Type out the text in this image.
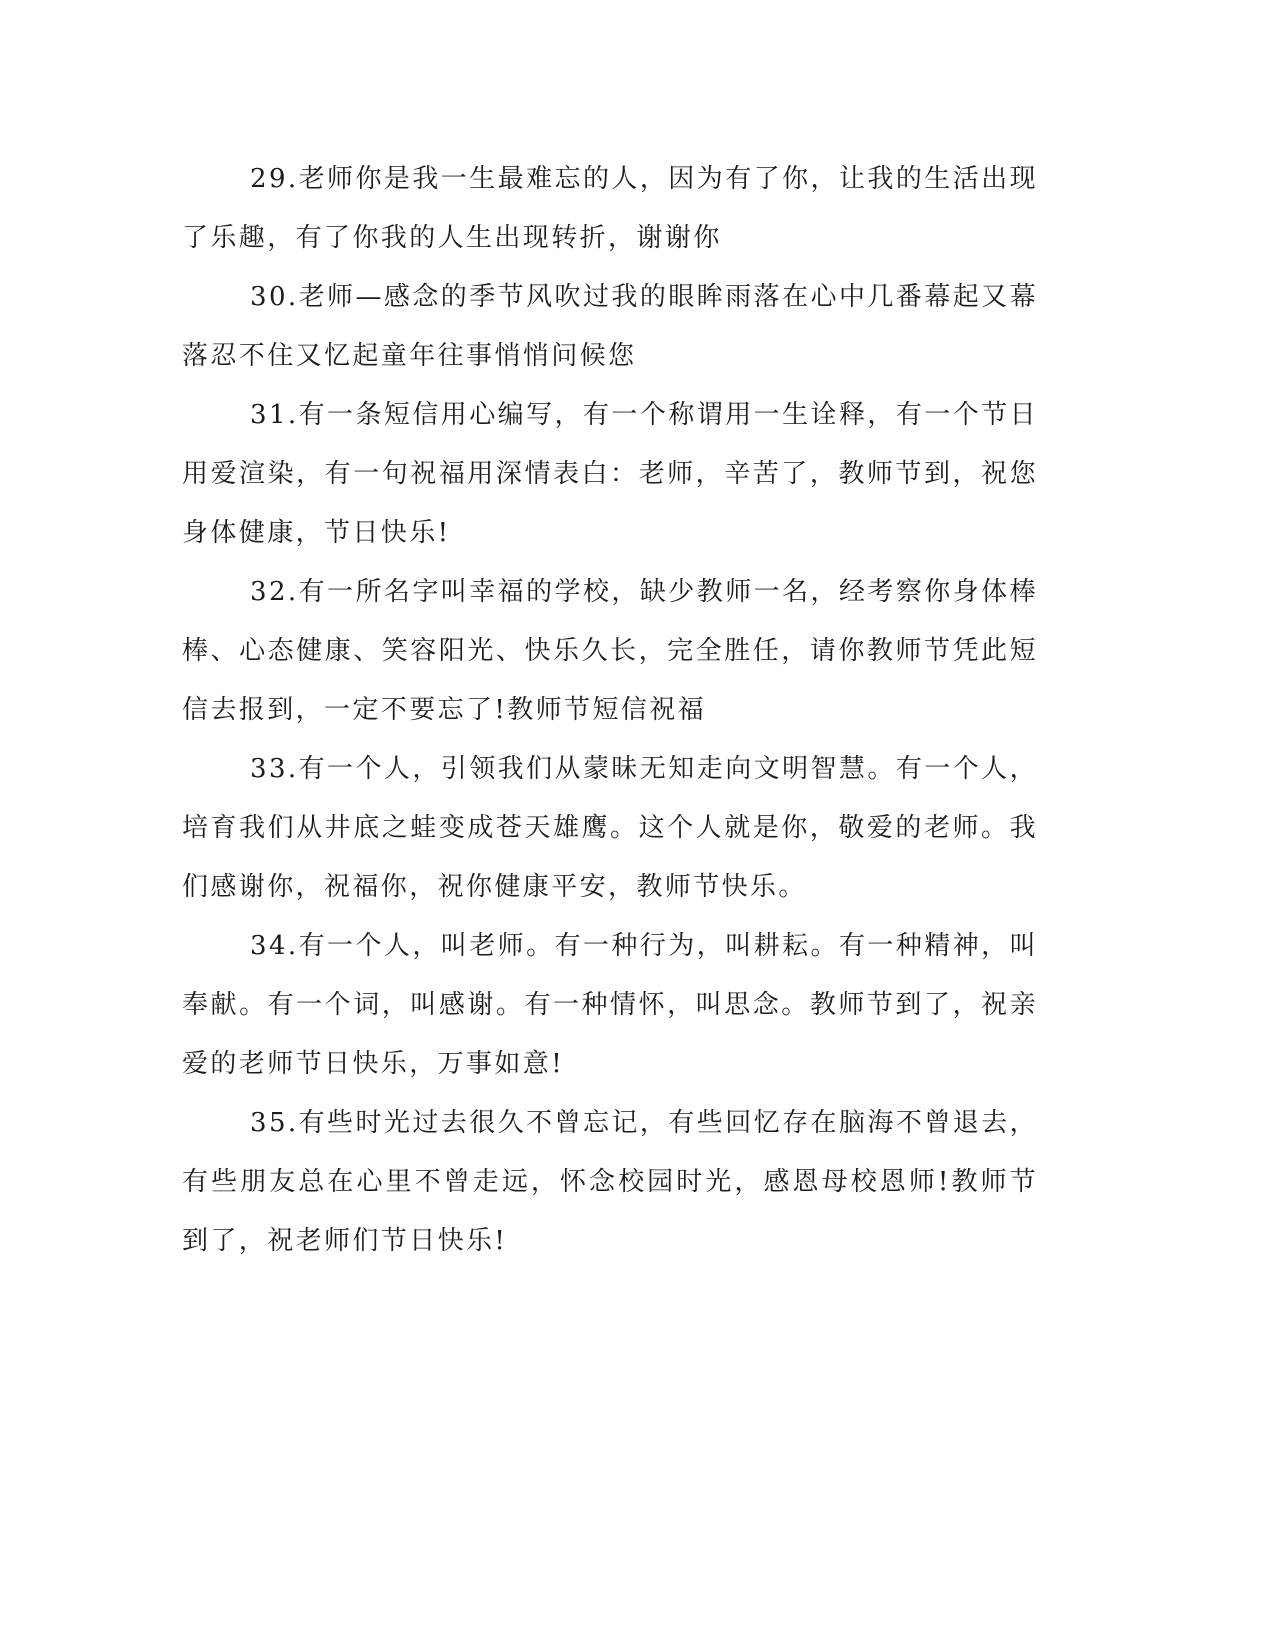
29.老师你是我一生最难忘的人，因为有了你，让我的生活出现了乐趣，有了你我的人生出现转折，谢谢你

30.老师—感念的季节风吹过我的眼眸雨落在心中几番幕起又幕落忍不住又忆起童年往事悄悄问候您

31.有一条短信用心编写，有一个称谓用一生诠释，有一个节日用爱渲染，有一句祝福用深情表白：老师，辛苦了，教师节到，祝您身体健康，节日快乐!

32.有一所名字叫幸福的学校，缺少教师一名，经考察你身体棒棒、心态健康、笑容阳光、快乐久长，完全胜任，请你教师节凭此短信去报到，一定不要忘了!教师节短信祝福

33.有一个人，引领我们从蒙昧无知走向文明智慧。有一个人，培育我们从井底之蛙变成苍天雄鹰。这个人就是你，敬爱的老师。我们感谢你，祝福你，祝你健康平安，教师节快乐。

34.有一个人，叫老师。有一种行为，叫耕耘。有一种精神，叫奉献。有一个词，叫感谢。有一种情怀，叫思念。教师节到了，祝亲爱的老师节日快乐，万事如意!

35.有些时光过去很久不曾忘记，有些回忆存在脑海不曾退去，有些朋友总在心里不曾走远，怀念校园时光，感恩母校恩师!教师节到了，祝老师们节日快乐!
